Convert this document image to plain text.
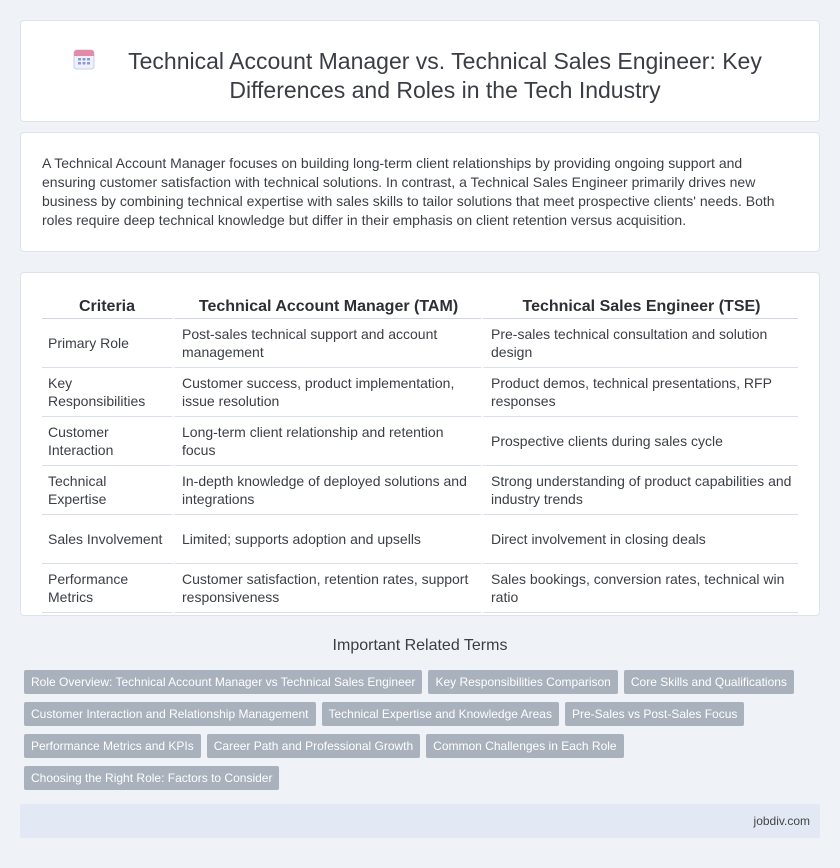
Technical Account Manager vs. Technical Sales Engineer: Key Differences and Roles in the Tech Industry

A Technical Account Manager focuses on building long-term client relationships by providing ongoing support and ensuring customer satisfaction with technical solutions. In contrast, a Technical Sales Engineer primarily drives new business by combining technical expertise with sales skills to tailor solutions that meet prospective clients' needs. Both roles require deep technical knowledge but differ in their emphasis on client retention versus acquisition.

Criteria	Technical Account Manager (TAM)	Technical Sales Engineer (TSE)
Primary Role	Post-sales technical support and account management	Pre-sales technical consultation and solution design
Key Responsibilities	Customer success, product implementation, issue resolution	Product demos, technical presentations, RFP responses
Customer Interaction	Long-term client relationship and retention focus	Prospective clients during sales cycle
Technical Expertise	In-depth knowledge of deployed solutions and integrations	Strong understanding of product capabilities and industry trends
Sales Involvement	Limited; supports adoption and upsells	Direct involvement in closing deals
Performance Metrics	Customer satisfaction, retention rates, support responsiveness	Sales bookings, conversion rates, technical win ratio
Important Related Terms
Role Overview: Technical Account Manager vs Technical Sales Engineer	Key Responsibilities Comparison	Core Skills and Qualifications
Customer Interaction and Relationship Management	Technical Expertise and Knowledge Areas	Pre-Sales vs Post-Sales Focus
Performance Metrics and KPIs	Career Path and Professional Growth	Common Challenges in Each Role
Choosing the Right Role: Factors to Consider
jobdiv.com
